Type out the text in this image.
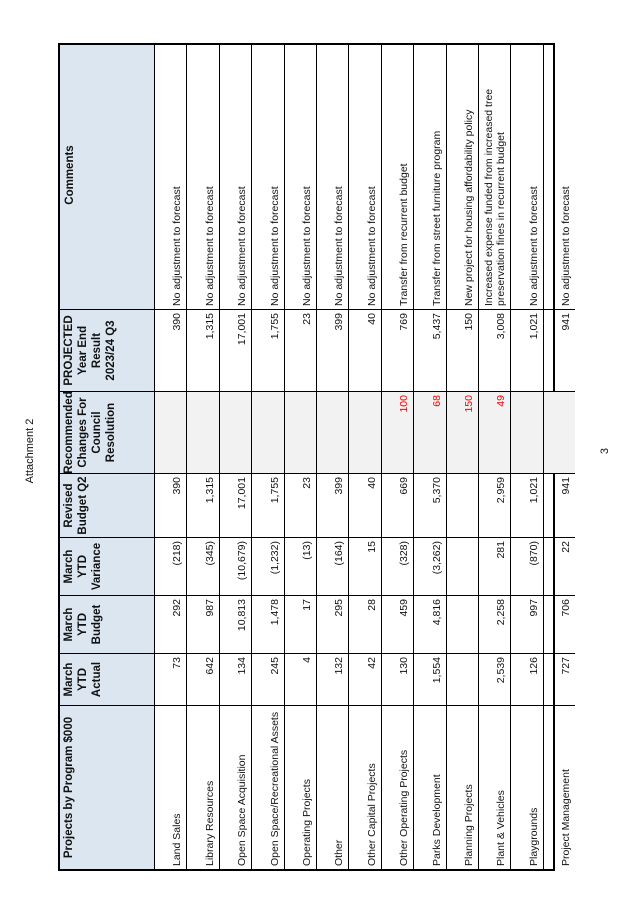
Attachment 2	3
Projects by Program $000
March YTD Actual
March YTD Budget
March YTD Variance
Revised Budget Q2
Recommended Changes For Council Resolution
PROJECTED Year End Result 2023/24 Q3
Comments
Land Sales
73
292
(218)
390
390
No adjustment to forecast
Library Resources
642
987
(345)
1,315
1,315
No adjustment to forecast
Open Space Acquisition
134
10,813
(10,679)
17,001
17,001
No adjustment to forecast
Open Space/Recreational Assets
245
1,478
(1,232)
1,755
1,755
No adjustment to forecast
Operating Projects
4
17
(13)
23
23
No adjustment to forecast
Other
132
295
(164)
399
399
No adjustment to forecast
Other Capital Projects
42
28
15
40
40
No adjustment to forecast
Other Operating Projects
130
459
(328)
669
100
769
Transfer from recurrent budget
Parks Development
1,554
4,816
(3,262)
5,370
68
5,437
Transfer from street furniture program
Planning Projects
150
150
New project for housing affordability policy
Plant & Vehicles
2,539
2,258
281
2,959
49
3,008
Increased expense funded from increased tree preservation fines in recurrent budget
Playgrounds
126
997
(870)
1,021
1,021
No adjustment to forecast
Project Management
727
706
22
941
941
No adjustment to forecast
